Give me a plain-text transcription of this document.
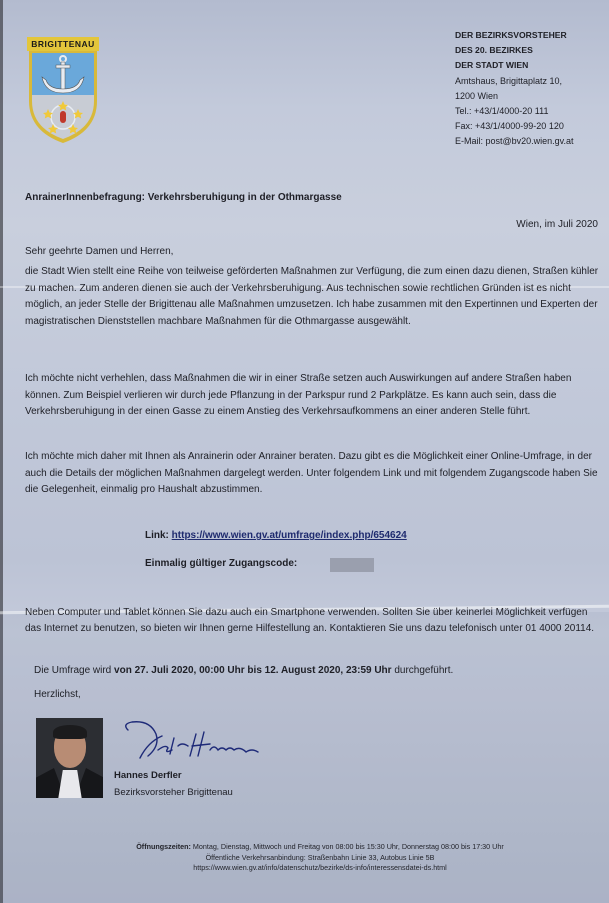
BRIGITTENAU
DER BEZIRKSVORSTEHER
DES 20. BEZIRKES
DER STADT WIEN
Amtshaus, Brigittaplatz 10,
1200 Wien
Tel.: +43/1/4000-20 111
Fax: +43/1/4000-99-20 120
E-Mail: post@bv20.wien.gv.at
AnrainerInnenbefragung: Verkehrsberuhigung in der Othmargasse
Wien, im Juli 2020
Sehr geehrte Damen und Herren,
die Stadt Wien stellt eine Reihe von teilweise geförderten Maßnahmen zur Verfügung, die zum einen dazu dienen, Straßen kühler zu machen. Zum anderen dienen sie auch der Verkehrsberuhigung. Aus technischen sowie rechtlichen Gründen ist es nicht möglich, an jeder Stelle der Brigittenau alle Maßnahmen umzusetzen. Ich habe zusammen mit den Expertinnen und Experten der magistratischen Dienststellen machbare Maßnahmen für die Othmargasse ausgewählt.
Ich möchte nicht verhehlen, dass Maßnahmen die wir in einer Straße setzen auch Auswirkungen auf andere Straßen haben können. Zum Beispiel verlieren wir durch jede Pflanzung in der Parkspur rund 2 Parkplätze. Es kann auch sein, dass die Verkehrsberuhigung in der einen Gasse zu einem Anstieg des Verkehrsaufkommens an einer anderen Stelle führt.
Ich möchte mich daher mit Ihnen als Anrainerin oder Anrainer beraten. Dazu gibt es die Möglichkeit einer Online-Umfrage, in der auch die Details der möglichen Maßnahmen dargelegt werden. Unter folgendem Link und mit folgendem Zugangscode haben Sie die Gelegenheit, einmalig pro Haushalt abzustimmen.
Link: https://www.wien.gv.at/umfrage/index.php/654624
Einmalig gültiger Zugangscode:
Neben Computer und Tablet können Sie dazu auch ein Smartphone verwenden. Sollten Sie über keinerlei Möglichkeit verfügen das Internet zu benutzen, so bieten wir Ihnen gerne Hilfestellung an. Kontaktieren Sie uns dazu telefonisch unter 01 4000 20114.
Die Umfrage wird von 27. Juli 2020, 00:00 Uhr bis 12. August 2020, 23:59 Uhr durchgeführt.
Herzlichst,
Hannes Derfler
Bezirksvorsteher Brigittenau
Öffnungszeiten: Montag, Dienstag, Mittwoch und Freitag von 08:00 bis 15:30 Uhr, Donnerstag 08:00 bis 17:30 Uhr
Öffentliche Verkehrsanbindung: Straßenbahn Linie 33, Autobus Linie 5B
https://www.wien.gv.at/info/datenschutz/bezirke/ds-info/interessensdatei-ds.html
